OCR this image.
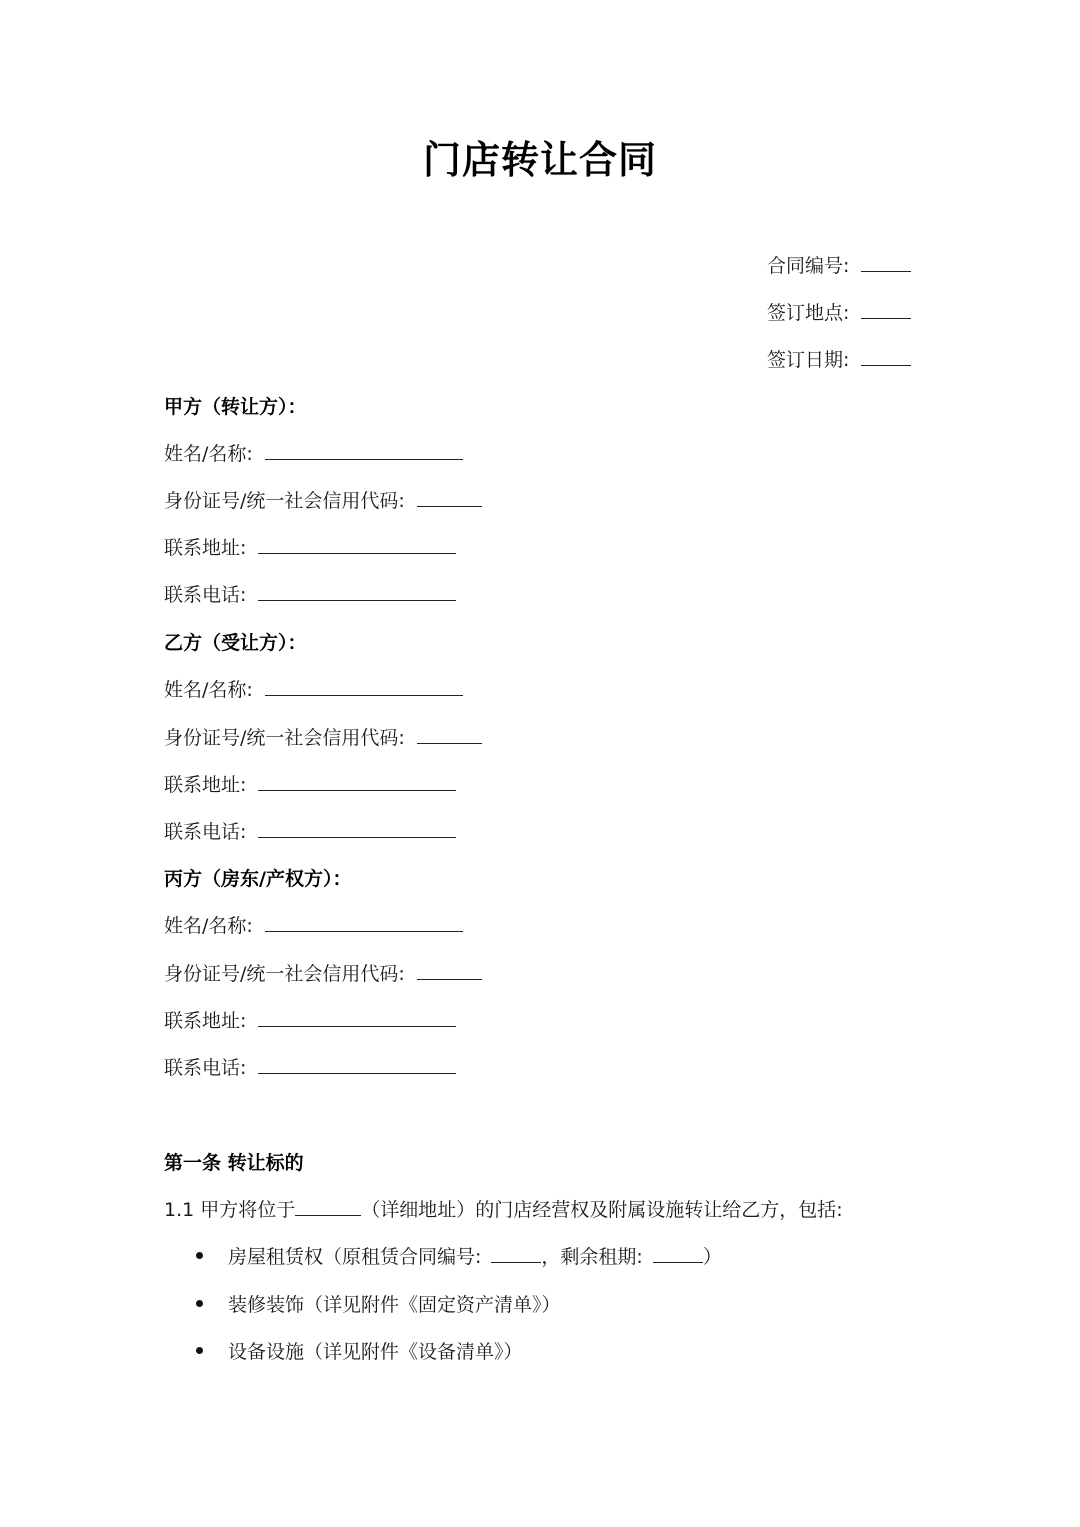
门店转让合同
合同编号:
签订地点:
签订日期:
甲方（转让方）：
姓名/名称:
身份证号/统一社会信用代码:
联系地址:
联系电话:
乙方（受让方）：
姓名/名称:
身份证号/统一社会信用代码:
联系地址:
联系电话:
丙方（房东/产权方）：
姓名/名称:
身份证号/统一社会信用代码:
联系地址:
联系电话:
第一条 转让标的
1.1 甲方将位于	（详细地址）的门店经营权及附属设施转让给乙方，包括:
房屋租赁权（原租赁合同编号:	，剩余租期:	）
装修装饰（详见附件《固定资产清单》）
设备设施（详见附件《设备清单》）
